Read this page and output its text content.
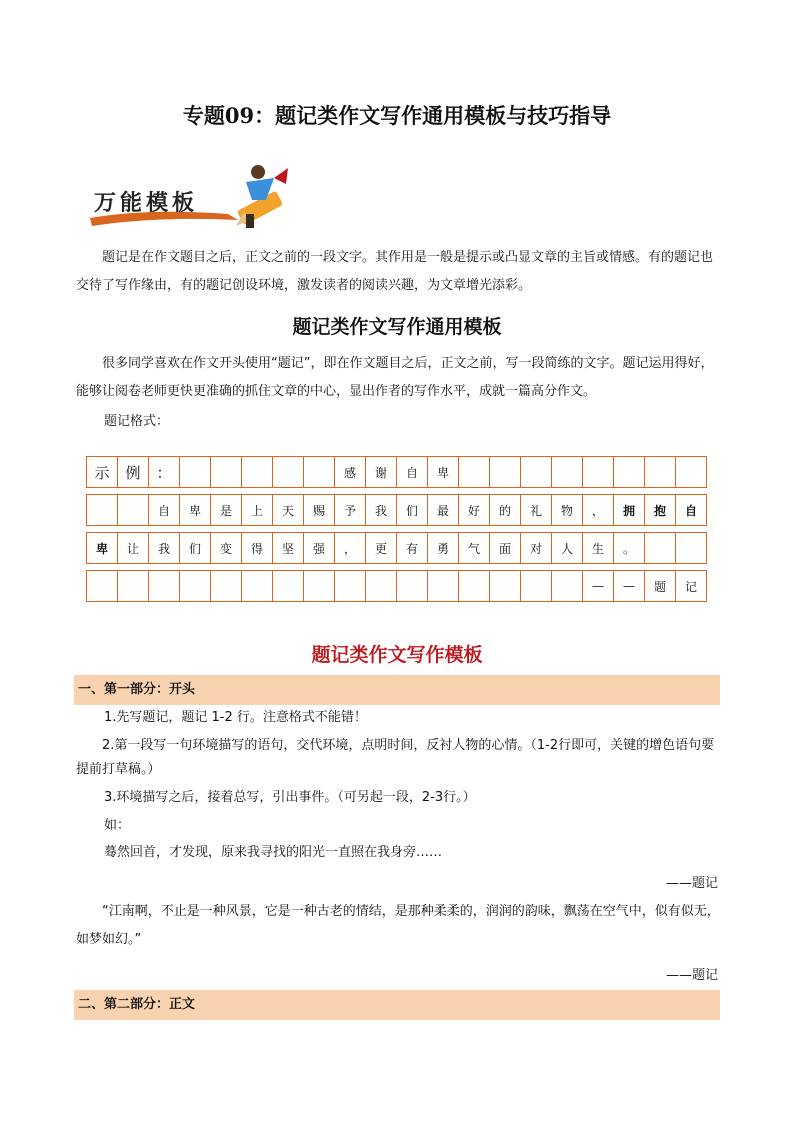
专题09：题记类作文写作通用模板与技巧指导
万能模板

题记是在作文题目之后，正文之前的一段文字。其作用是一般是提示或凸显文章的主旨或情感。有的题记也交待了写作缘由，有的题记创设环境，激发读者的阅读兴趣，为文章增光添彩。

题记类作文写作通用模板

很多同学喜欢在作文开头使用“题记”，即在作文题目之后，正文之前，写一段简练的文字。题记运用得好，能够让阅卷老师更快更准确的抓住文章的中心，显出作者的写作水平，成就一篇高分作文。

题记格式：
示	例	：						感	谢	自	卑								

		自	卑	是	上	天	赐	予	我	们	最	好	的	礼	物	，	拥	抱	自

卑	让	我	们	变	得	坚	强	，	更	有	勇	气	面	对	人	生	。		

																—	—	题	记
题记类作文写作模板
一、第一部分：开头
1.先写题记，题记 1-2 行。注意格式不能错！

2.第一段写一句环境描写的语句，交代环境，点明时间，反衬人物的心情。（1-2行即可，关键的增色语句要提前打草稿。）

3.环境描写之后，接着总写，引出事件。（可另起一段，2-3行。）
如：
蓦然回首，才发现，原来我寻找的阳光一直照在我身旁……
——题记

“江南啊，不止是一种风景，它是一种古老的情结，是那种柔柔的，润润的韵味，飘荡在空气中，似有似无，如梦如幻。”

——题记
二、第二部分：正文
